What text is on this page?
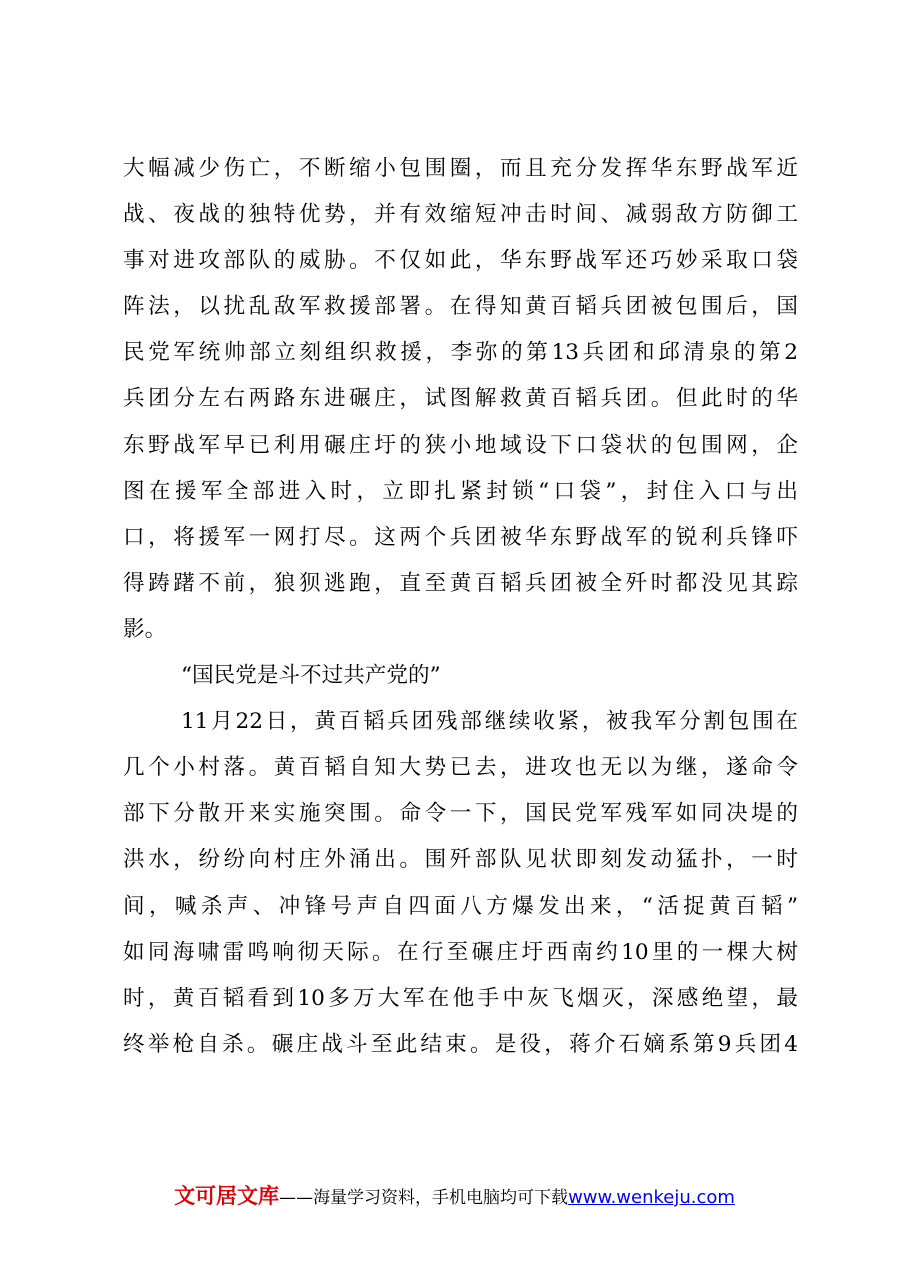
大幅减少伤亡，不断缩小包围圈，而且充分发挥华东野战军近
战、夜战的独特优势，并有效缩短冲击时间、减弱敌方防御工
事对进攻部队的威胁。不仅如此，华东野战军还巧妙采取口袋
阵法，以扰乱敌军救援部署。在得知黄百韬兵团被包围后，国
民党军统帅部立刻组织救援，李弥的第13兵团和邱清泉的第2
兵团分左右两路东进碾庄，试图解救黄百韬兵团。但此时的华
东野战军早已利用碾庄圩的狭小地域设下口袋状的包围网，企
图在援军全部进入时，立即扎紧封锁“口袋”，封住入口与出
口，将援军一网打尽。这两个兵团被华东野战军的锐利兵锋吓
得踌躇不前，狼狈逃跑，直至黄百韬兵团被全歼时都没见其踪
影。
“国民党是斗不过共产党的”
11月22日，黄百韬兵团残部继续收紧，被我军分割包围在
几个小村落。黄百韬自知大势已去，进攻也无以为继，遂命令
部下分散开来实施突围。命令一下，国民党军残军如同决堤的
洪水，纷纷向村庄外涌出。围歼部队见状即刻发动猛扑，一时
间，喊杀声、冲锋号声自四面八方爆发出来，“活捉黄百韬”
如同海啸雷鸣响彻天际。在行至碾庄圩西南约10里的一棵大树
时，黄百韬看到10多万大军在他手中灰飞烟灭，深感绝望，最
终举枪自杀。碾庄战斗至此结束。是役，蒋介石嫡系第9兵团4
文可居文库——海量学习资料，手机电脑均可下载www.wenkeju.com
